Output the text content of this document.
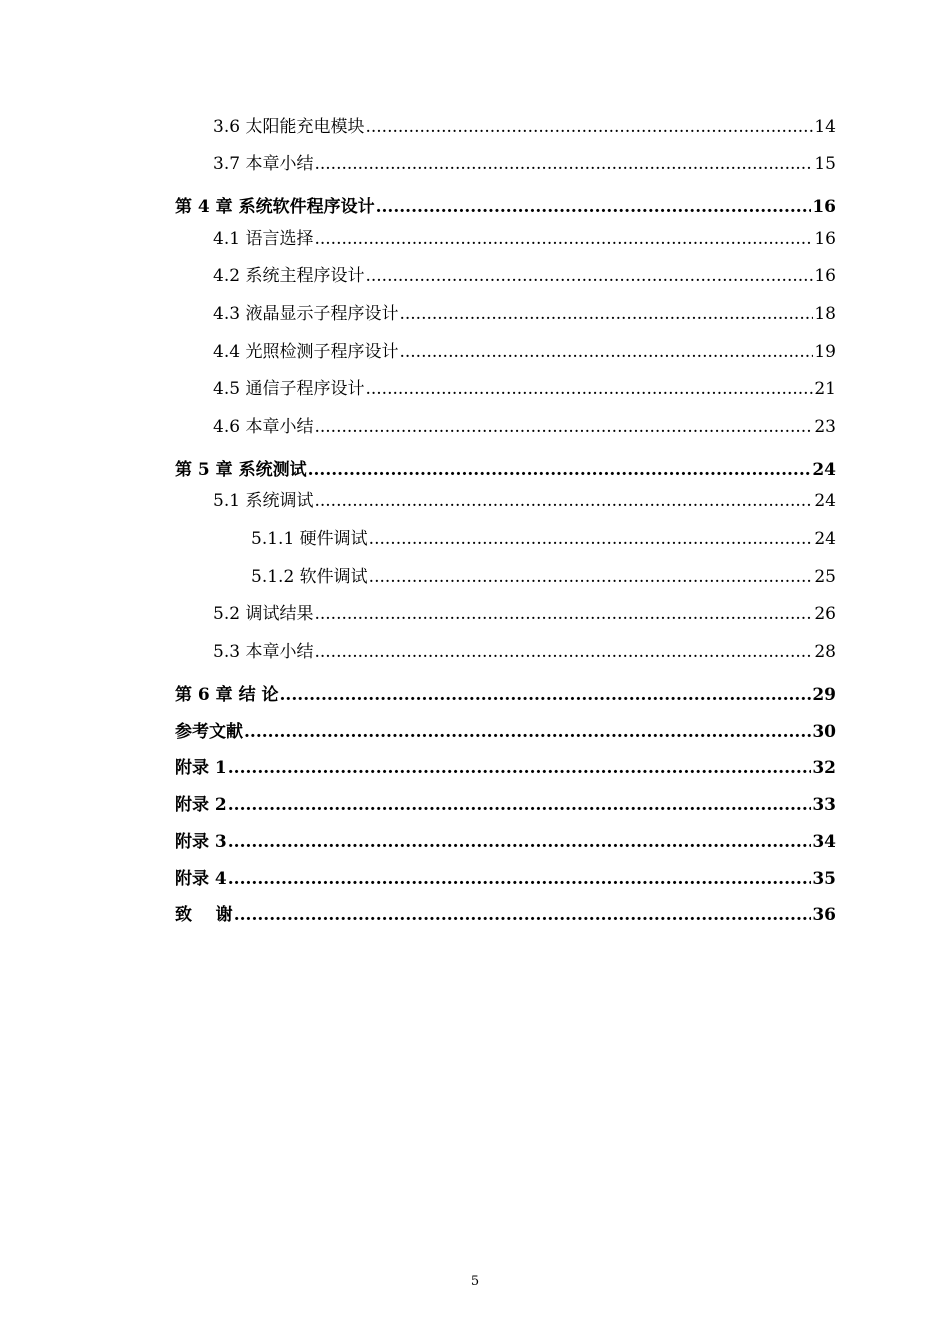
3.6 太阳能充电模块 .....	14
3.7 本章小结 .....	15
第 4 章 系统软件程序设计 .....	16
4.1 语言选择 .....	16
4.2 系统主程序设计 .....	16
4.3 液晶显示子程序设计 .....	18
4.4 光照检测子程序设计 .....	19
4.5 通信子程序设计 .....	21
4.6 本章小结 .....	23
第 5 章 系统测试 .....	24
5.1 系统调试 .....	24
5.1.1 硬件调试 .....	24
5.1.2 软件调试 .....	25
5.2 调试结果 .....	26
5.3 本章小结 .....	28
第 6 章 结 论 .....	29
参考文献 .....	30
附录 1 .....	32
附录 2 .....	33
附录 3 .....	34
附录 4 .....	35
致    谢 .....	36
5
